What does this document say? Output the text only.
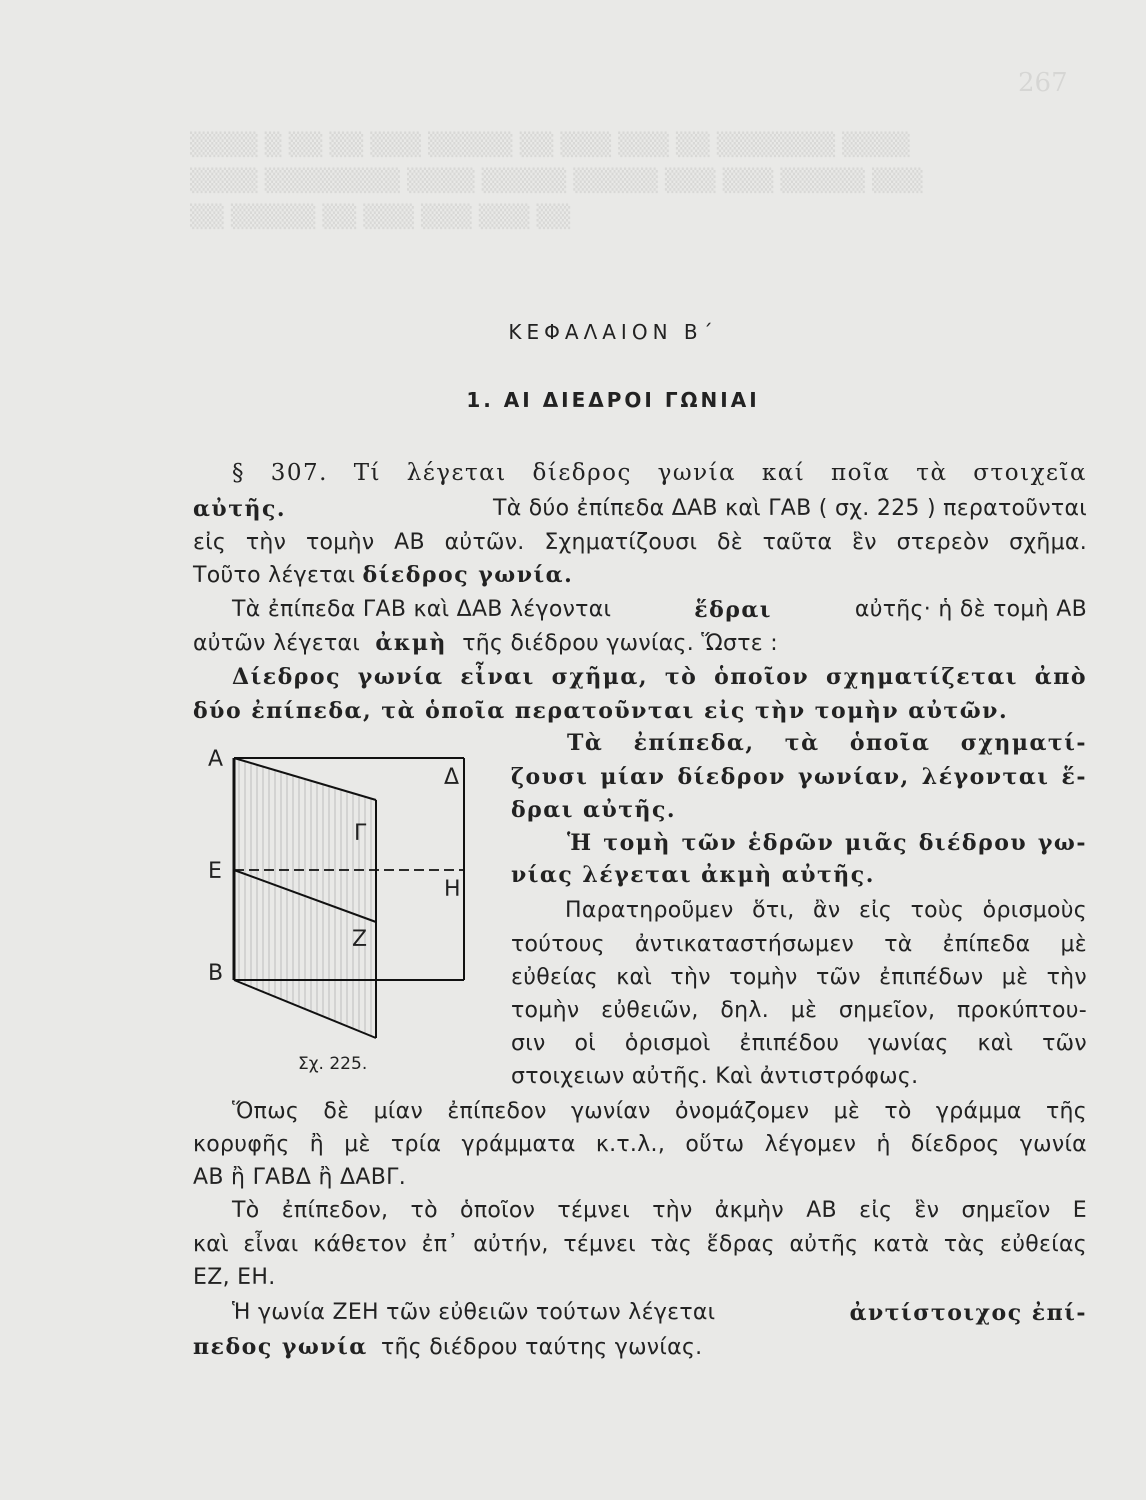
267
▒▒▒▒ ▒ ▒▒ ▒▒ ▒▒▒ ▒▒▒▒▒ ▒▒ ▒▒▒ ▒▒▒ ▒▒ ▒▒▒▒▒▒▒ ▒▒▒▒
▒▒▒▒ ▒▒▒▒▒▒▒▒ ▒▒▒▒ ▒▒▒▒▒ ▒▒▒▒▒ ▒▒▒ ▒▒▒ ▒▒▒▒▒ ▒▒▒
▒▒ ▒▒▒▒▒ ▒▒ ▒▒▒ ▒▒▒ ▒▒▒ ▒▒
ΚΕΦΑΛΑΙΟΝ Β΄
1. ΑΙ ΔΙΕΔΡΟΙ ΓΩΝΙΑΙ
§ 307. Τί λέγεται δίεδρος γωνία καί ποῖα τὰ στοιχεῖα
αὐτῆς.	Τὰ δύο ἐπίπεδα ΔΑΒ καὶ ΓΑΒ ( σχ. 225 ) περατοῦνται
εἰς τὴν τομὴν ΑΒ αὐτῶν. Σχηματίζουσι δὲ ταῦτα ἓν στερεὸν σχῆμα.
Τοῦτο λέγεται δίεδρος γωνία.
Τὰ ἐπίπεδα ΓΑΒ καὶ ΔΑΒ λέγονται	ἕδραι	αὐτῆς· ἡ δὲ τομὴ ΑΒ
αὐτῶν λέγεται ἀκμὴ τῆς διέδρου γωνίας. Ὥστε :
Δίεδρος γωνία εἶναι σχῆμα, τὸ ὁποῖον σχηματίζεται ἀπὸ
δύο ἐπίπεδα, τὰ ὁποῖα περατοῦνται εἰς τὴν τομὴν αὐτῶν.
Α
Δ
Γ
Ε
Η
Ζ
Β
Σχ. 225.
Τὰ ἐπίπεδα, τὰ ὁποῖα σχηματί-
ζουσι μίαν δίεδρον γωνίαν, λέγονται ἕ-
δραι αὐτῆς.
Ἡ τομὴ τῶν ἑδρῶν μιᾶς διέδρου γω-
νίας λέγεται ἀκμὴ αὐτῆς.
Παρατηροῦμεν ὅτι, ἂν εἰς τοὺς ὁρισμοὺς
τούτους ἀντικαταστήσωμεν τὰ ἐπίπεδα μὲ
εὐθείας καὶ τὴν τομὴν τῶν ἐπιπέδων μὲ τὴν
τομὴν εὐθειῶν, δηλ. μὲ σημεῖον, προκύπτου-
σιν οἱ ὁρισμοὶ ἐπιπέδου γωνίας καὶ τῶν
στοιχειων αὐτῆς. Καὶ ἀντιστρόφως.
Ὅπως δὲ μίαν ἐπίπεδον γωνίαν ὀνομάζομεν μὲ τὸ γράμμα τῆς
κορυφῆς ἢ μὲ τρία γράμματα κ.τ.λ., οὕτω λέγομεν ἡ δίεδρος γωνία
ΑΒ ἢ ΓΑΒΔ ἢ ΔΑΒΓ.
Τὸ ἐπίπεδον, τὸ ὁποῖον τέμνει τὴν ἀκμὴν ΑΒ εἰς ἓν σημεῖον Ε
καὶ εἶναι κάθετον ἐπ᾿ αὐτήν, τέμνει τὰς ἕδρας αὐτῆς κατὰ τὰς εὐθείας
ΕΖ, ΕΗ.
Ἡ γωνία ΖΕΗ τῶν εὐθειῶν τούτων λέγεται	ἀντίστοιχος ἐπί-
πεδος γωνία τῆς διέδρου ταύτης γωνίας.
